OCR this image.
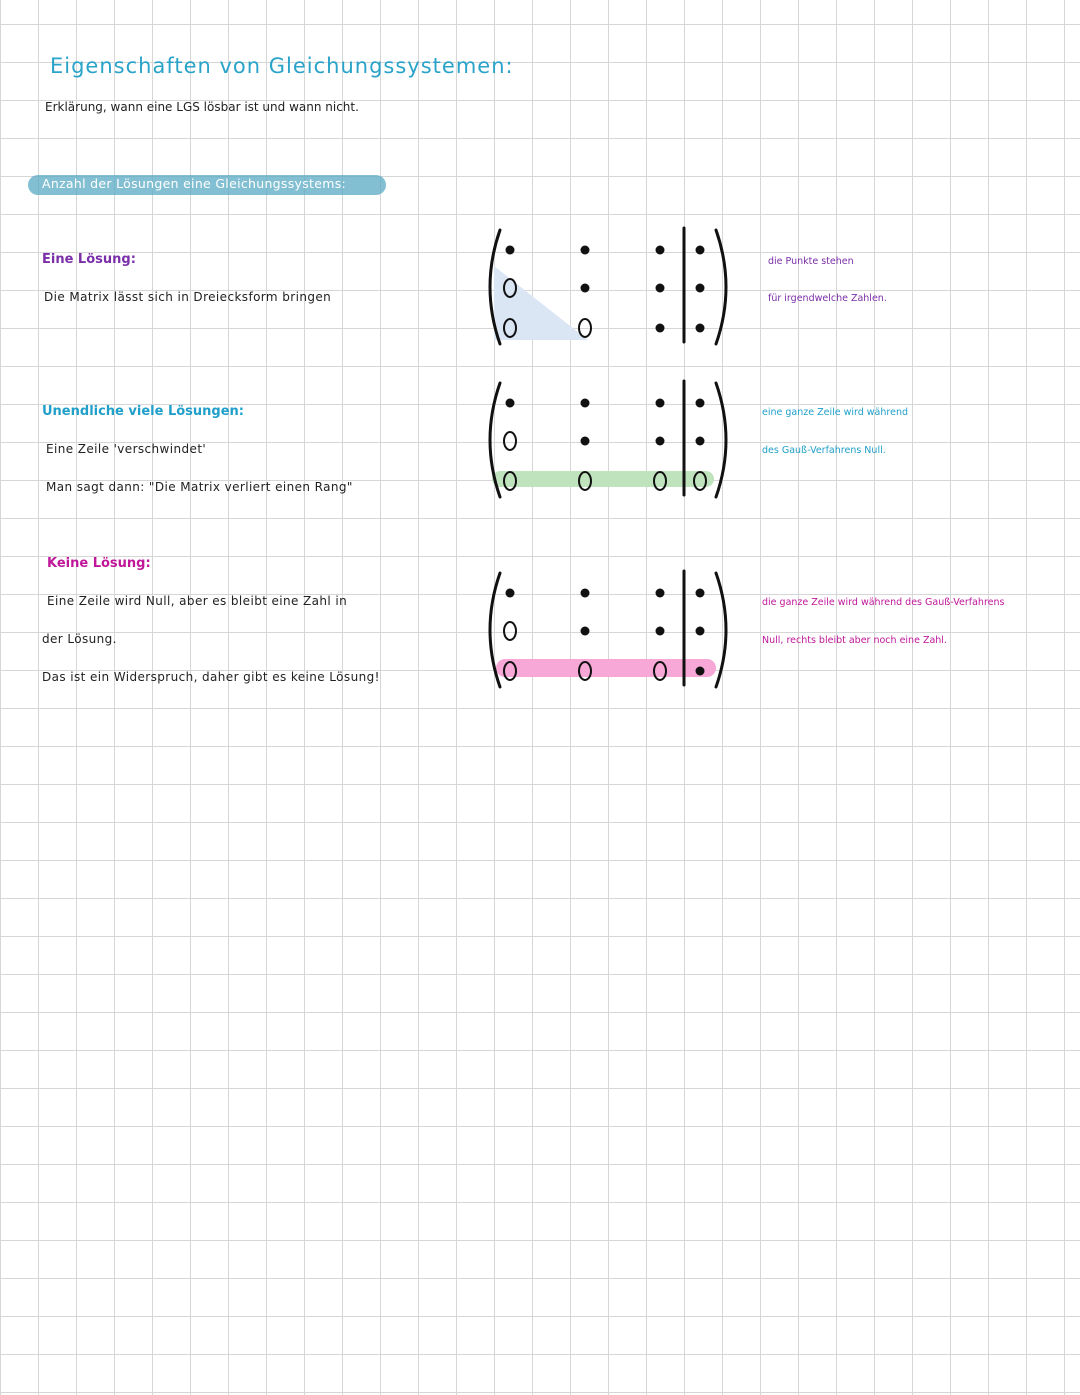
Eigenschaften von Gleichungssystemen:

Erklärung, wann eine LGS lösbar ist und wann nicht.

Anzahl der Lösungen eine Gleichungssystems:

Eine Lösung:

Die Matrix lässt sich in Dreiecksform bringen

die Punkte stehen

für irgendwelche Zahlen.

Unendliche viele Lösungen:

Eine Zeile 'verschwindet'

Man sagt dann: "Die Matrix verliert einen Rang"

eine ganze Zeile wird während

des Gauß-Verfahrens Null.

Keine Lösung:

Eine Zeile wird Null, aber es bleibt eine Zahl in

der Lösung.

Das ist ein Widerspruch, daher gibt es keine Lösung!

die ganze Zeile wird während des Gauß-Verfahrens

Null, rechts bleibt aber noch eine Zahl.
